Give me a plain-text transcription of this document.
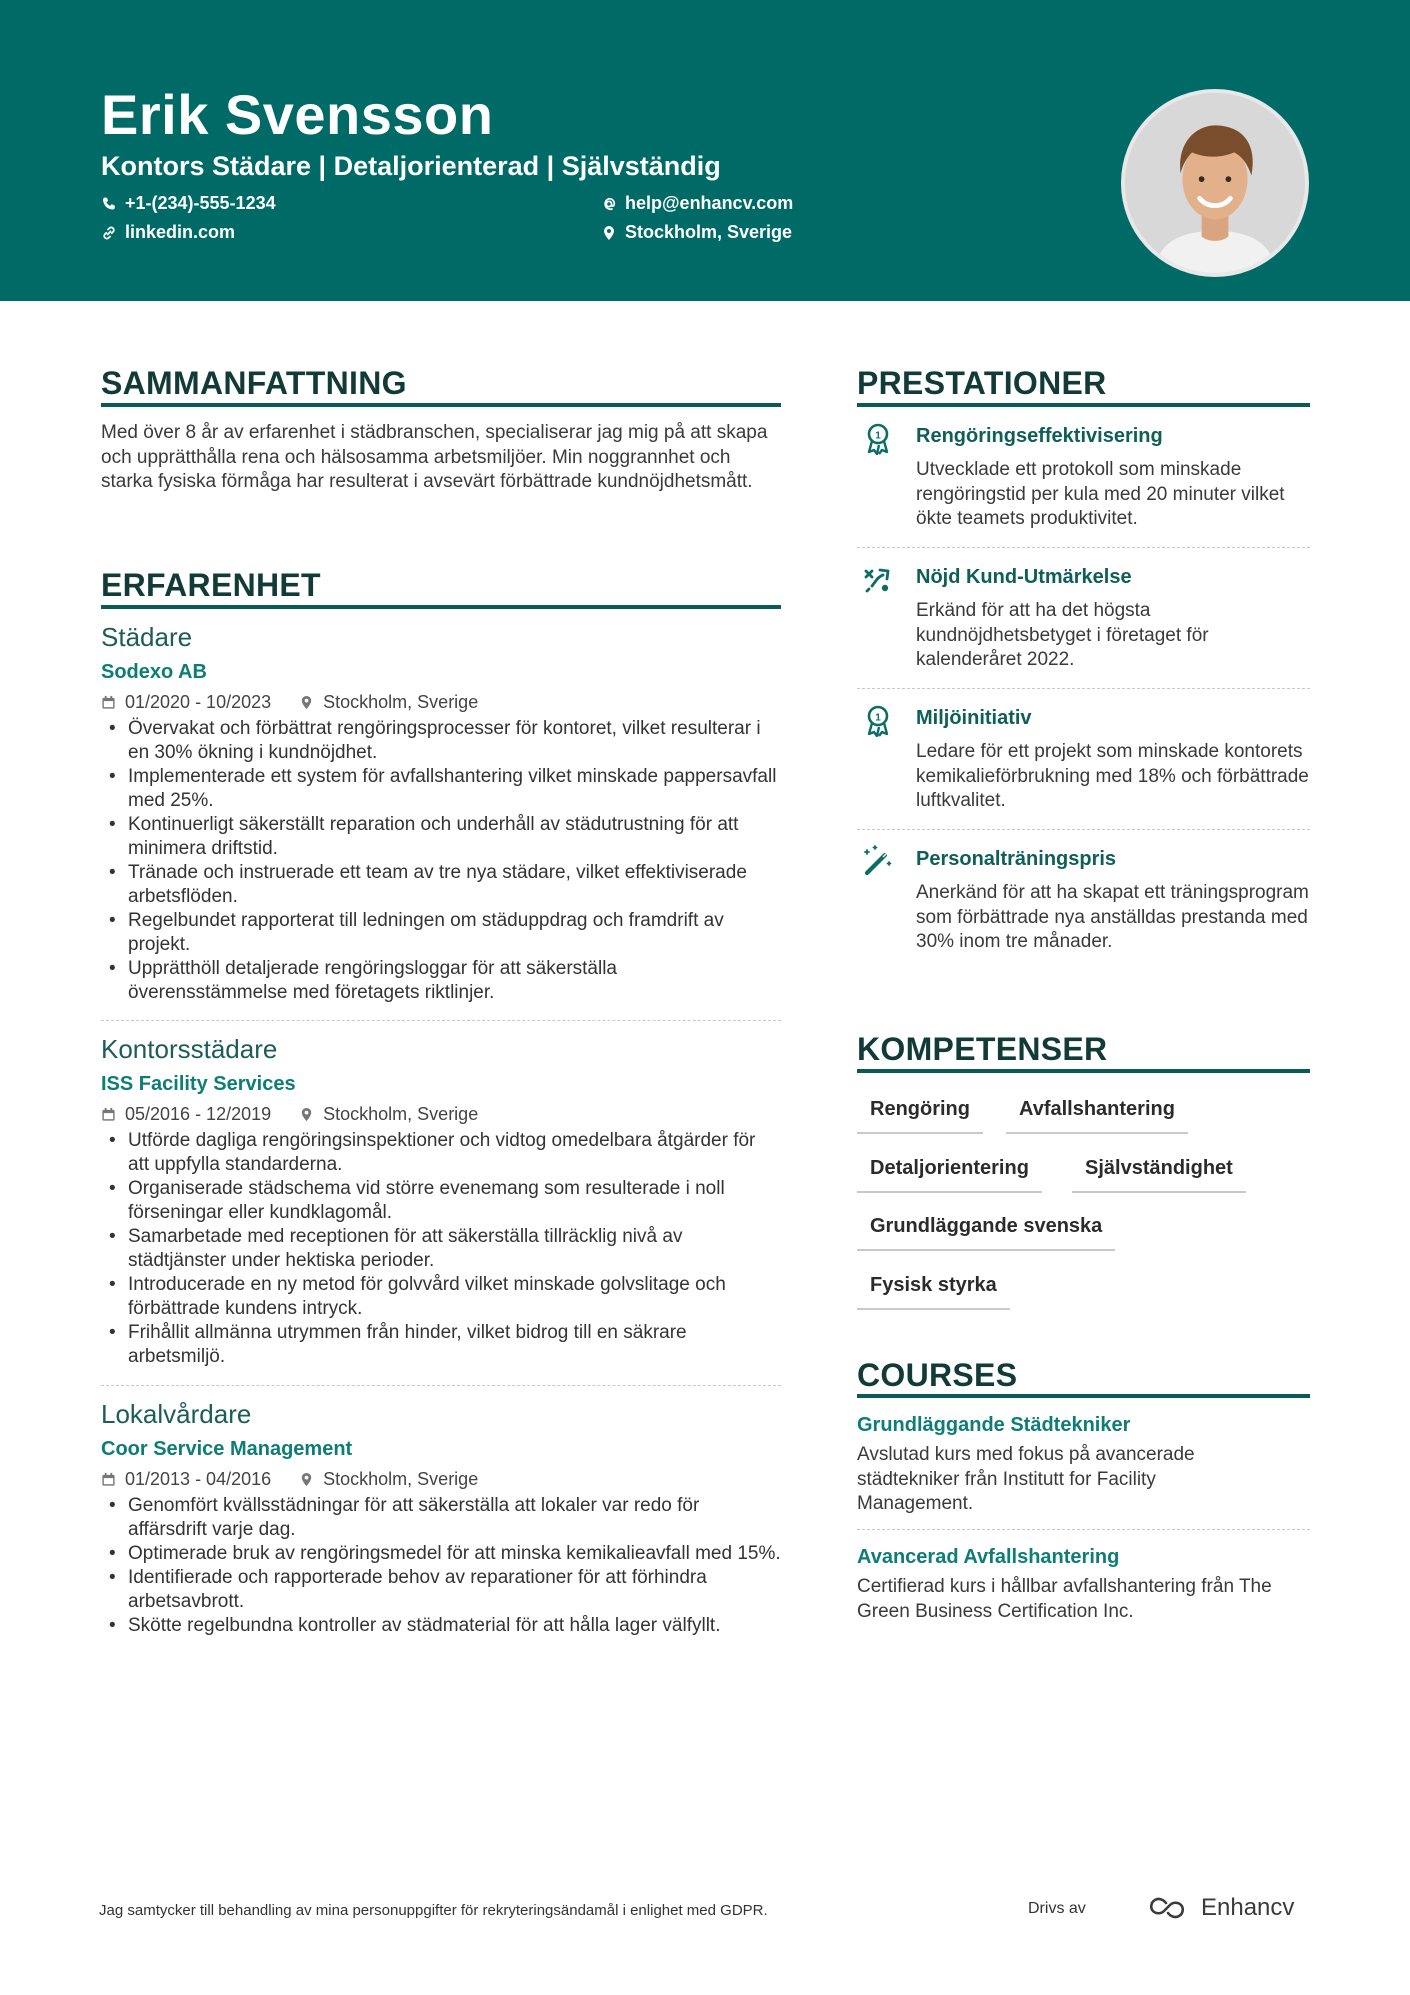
Erik Svensson
Kontors Städare | Detaljorienterad | Självständig
+1-(234)-555-1234
linkedin.com
help@enhancv.com
Stockholm, Sverige
SAMMANFATTNING
Med över 8 år av erfarenhet i städbranschen, specialiserar jag mig på att skapa och upprätthålla rena och hälsosamma arbetsmiljöer. Min noggrannhet och starka fysiska förmåga har resulterat i avsevärt förbättrade kundnöjdhetsmått.
ERFARENHET
Städare
Sodexo AB
01/2020 - 10/2023	Stockholm, Sverige
• Övervakat och förbättrat rengöringsprocesser för kontoret, vilket resulterar i en 30% ökning i kundnöjdhet.
• Implementerade ett system för avfallshantering vilket minskade pappersavfall med 25%.
• Kontinuerligt säkerställt reparation och underhåll av städutrustning för att minimera driftstid.
• Tränade och instruerade ett team av tre nya städare, vilket effektiviserade arbetsflöden.
• Regelbundet rapporterat till ledningen om städuppdrag och framdrift av projekt.
• Upprätthöll detaljerade rengöringsloggar för att säkerställa överensstämmelse med företagets riktlinjer.
Kontorsstädare
ISS Facility Services
05/2016 - 12/2019	Stockholm, Sverige
• Utförde dagliga rengöringsinspektioner och vidtog omedelbara åtgärder för att uppfylla standarderna.
• Organiserade städschema vid större evenemang som resulterade i noll förseningar eller kundklagomål.
• Samarbetade med receptionen för att säkerställa tillräcklig nivå av städtjänster under hektiska perioder.
• Introducerade en ny metod för golvvård vilket minskade golvslitage och förbättrade kundens intryck.
• Frihållit allmänna utrymmen från hinder, vilket bidrog till en säkrare arbetsmiljö.
Lokalvårdare
Coor Service Management
01/2013 - 04/2016	Stockholm, Sverige
• Genomfört kvällsstädningar för att säkerställa att lokaler var redo för affärsdrift varje dag.
• Optimerade bruk av rengöringsmedel för att minska kemikalieavfall med 15%.
• Identifierade och rapporterade behov av reparationer för att förhindra arbetsavbrott.
• Skötte regelbundna kontroller av städmaterial för att hålla lager välfyllt.
PRESTATIONER
1 Rengöringseffektivisering
Utvecklade ett protokoll som minskade rengöringstid per kula med 20 minuter vilket ökte teamets produktivitet.
Nöjd Kund-Utmärkelse
Erkänd för att ha det högsta kundnöjdhetsbetyget i företaget för kalenderåret 2022.
1 Miljöinitiativ
Ledare för ett projekt som minskade kontorets kemikalieförbrukning med 18% och förbättrade luftkvalitet.
Personalträningspris
Anerkänd för att ha skapat ett träningsprogram som förbättrade nya anställdas prestanda med 30% inom tre månader.
KOMPETENSER
Rengöring	Avfallshantering
Detaljorientering	Självständighet
Grundläggande svenska
Fysisk styrka
COURSES
Grundläggande Städtekniker
Avslutad kurs med fokus på avancerade städtekniker från Institutt for Facility Management.
Avancerad Avfallshantering
Certifierad kurs i hållbar avfallshantering från The Green Business Certification Inc.
Jag samtycker till behandling av mina personuppgifter för rekryteringsändamål i enlighet med GDPR.	Drivs av	Enhancv
